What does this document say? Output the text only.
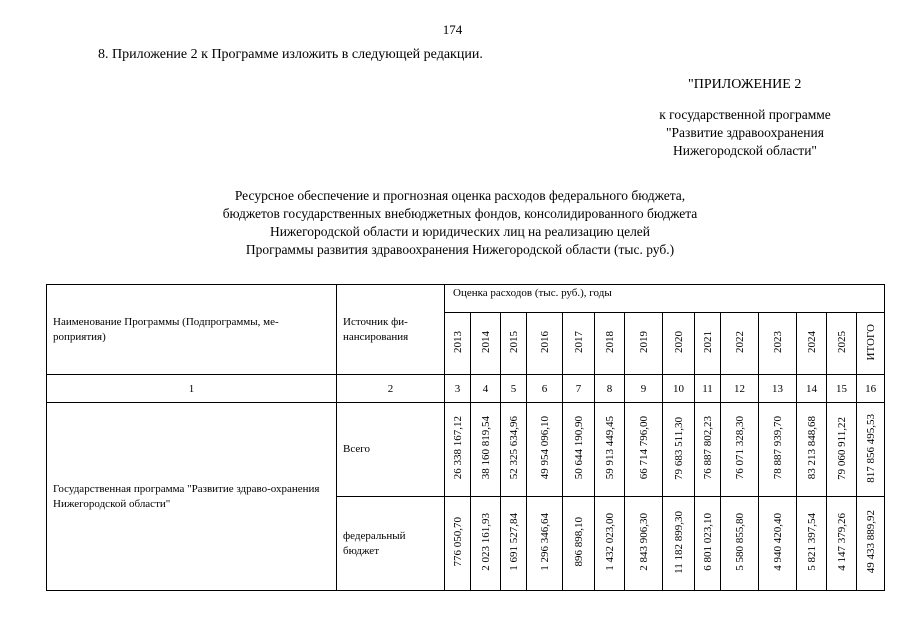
174
8. Приложение 2 к Программе изложить в следующей редакции.
"ПРИЛОЖЕНИЕ 2
к государственной программе
"Развитие здравоохранения
Нижегородской области"
Ресурсное обеспечение и прогнозная оценка расходов федерального бюджета,
бюджетов государственных внебюджетных фондов, консолидированного бюджета
Нижегородской области и юридических лиц на реализацию целей
Программы развития здравоохранения Нижегородской области (тыс. руб.)
Наименование Программы (Подпрограммы, ме-роприятия)	Источник фи-нансирования	Оценка расходов (тыс. руб.), годы													
		2013	2014	2015	2016	2017	2018	2019	2020	2021	2022	2023	2024	2025	ИТОГО
1	2	3	4	5	6	7	8	9	10	11	12	13	14	15	16
Государственная программа "Развитие здраво-охранения Нижегородской области"	Всего	26 338 167,12	38 160 819,54	52 325 634,96	49 954 096,10	50 644 190,90	59 913 449,45	66 714 796,00	79 683 511,30	76 887 802,23	76 071 328,30	78 887 939,70	83 213 848,68	79 060 911,22	817 856 495,53
	федеральный бюджет	776 050,70	2 023 161,93	1 691 527,84	1 296 346,64	896 898,10	1 432 023,00	2 843 906,30	11 182 899,30	6 801 023,10	5 580 855,80	4 940 420,40	5 821 397,54	4 147 379,26	49 433 889,92
